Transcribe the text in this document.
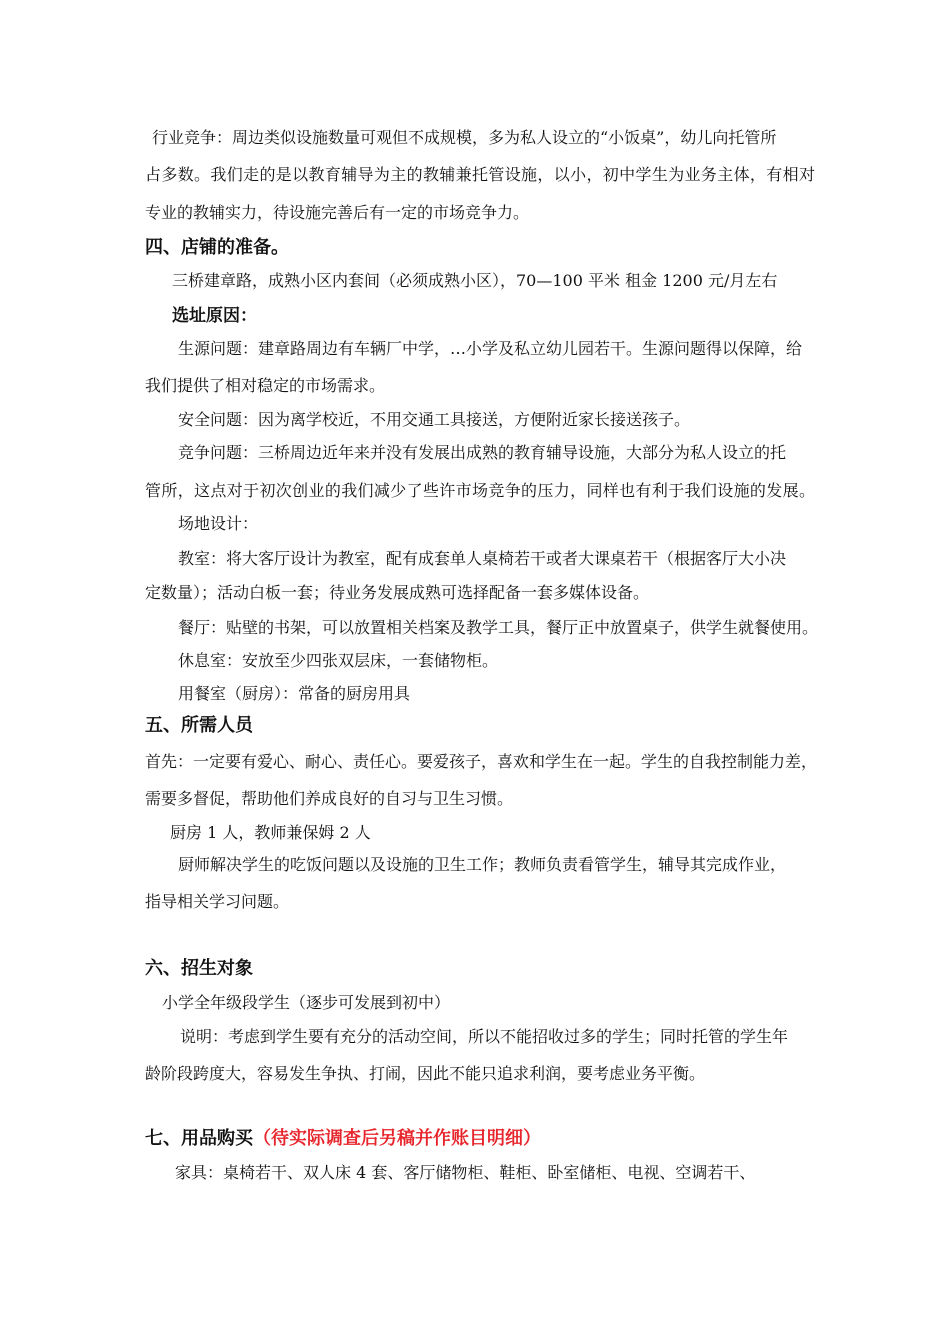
行业竞争：周边类似设施数量可观但不成规模，多为私人设立的“小饭桌”，幼儿向托管所
占多数。我们走的是以教育辅导为主的教辅兼托管设施，以小，初中学生为业务主体，有相对
专业的教辅实力，待设施完善后有一定的市场竞争力。
四、店铺的准备。
三桥建章路，成熟小区内套间（必须成熟小区），70—100 平米 租金 1200 元/月左右
选址原因：
生源问题：建章路周边有车辆厂中学，…小学及私立幼儿园若干。生源问题得以保障，给
我们提供了相对稳定的市场需求。
安全问题：因为离学校近，不用交通工具接送，方便附近家长接送孩子。
竞争问题：三桥周边近年来并没有发展出成熟的教育辅导设施，大部分为私人设立的托
管所，这点对于初次创业的我们减少了些许市场竞争的压力，同样也有利于我们设施的发展。
场地设计：
教室：将大客厅设计为教室，配有成套单人桌椅若干或者大课桌若干（根据客厅大小决
定数量）；活动白板一套；待业务发展成熟可选择配备一套多媒体设备。
餐厅：贴壁的书架，可以放置相关档案及教学工具，餐厅正中放置桌子，供学生就餐使用。
休息室：安放至少四张双层床，一套储物柜。
用餐室（厨房）：常备的厨房用具
五、所需人员
首先：一定要有爱心、耐心、责任心。要爱孩子，喜欢和学生在一起。学生的自我控制能力差，
需要多督促，帮助他们养成良好的自习与卫生习惯。
厨房 1 人，教师兼保姆 2 人
厨师解决学生的吃饭问题以及设施的卫生工作；教师负责看管学生，辅导其完成作业，
指导相关学习问题。
六、招生对象
小学全年级段学生（逐步可发展到初中）
说明：考虑到学生要有充分的活动空间，所以不能招收过多的学生；同时托管的学生年
龄阶段跨度大，容易发生争执、打闹，因此不能只追求利润，要考虑业务平衡。
七、用品购买（待实际调查后另稿并作账目明细）
家具：桌椅若干、双人床 4 套、客厅储物柜、鞋柜、卧室储柜、电视、空调若干、
